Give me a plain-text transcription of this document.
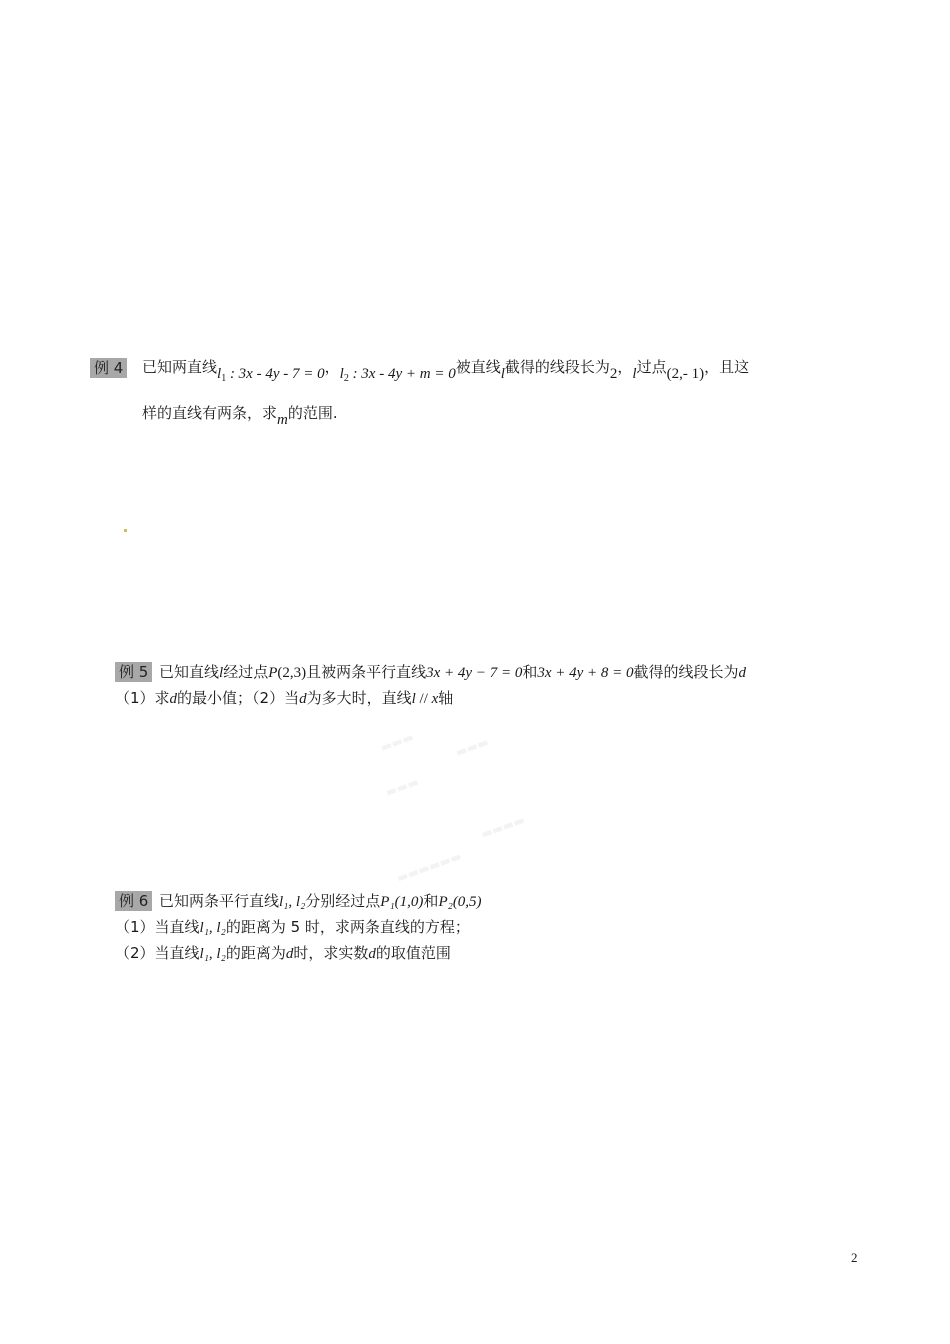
例 4 已知两直线$l_1$ : 3x - 4y - 7 = 0，$l_2$ : 3x - 4y + m = 0被直线l截得的线段长为2，l过点(2,- 1)，且这
样的直线有两条，求m的范围.
例 5 已知直线l经过点P(2,3)且被两条平行直线3x + 4y − 7 = 0和3x + 4y + 8 = 0截得的线段长为d
（1）求d的最小值；（2）当d为多大时，直线l // x轴
▬▬▬	▬▬▬
▬▬▬
▬▬▬▬
▬▬▬▬▬▬
例 6 已知两条平行直线l₁, l₂分别经过点P₁(1,0)和P₂(0,5)
（1）当直线l₁, l₂的距离为 5 时，求两条直线的方程；
（2）当直线l₁, l₂的距离为d时，求实数d的取值范围
2
